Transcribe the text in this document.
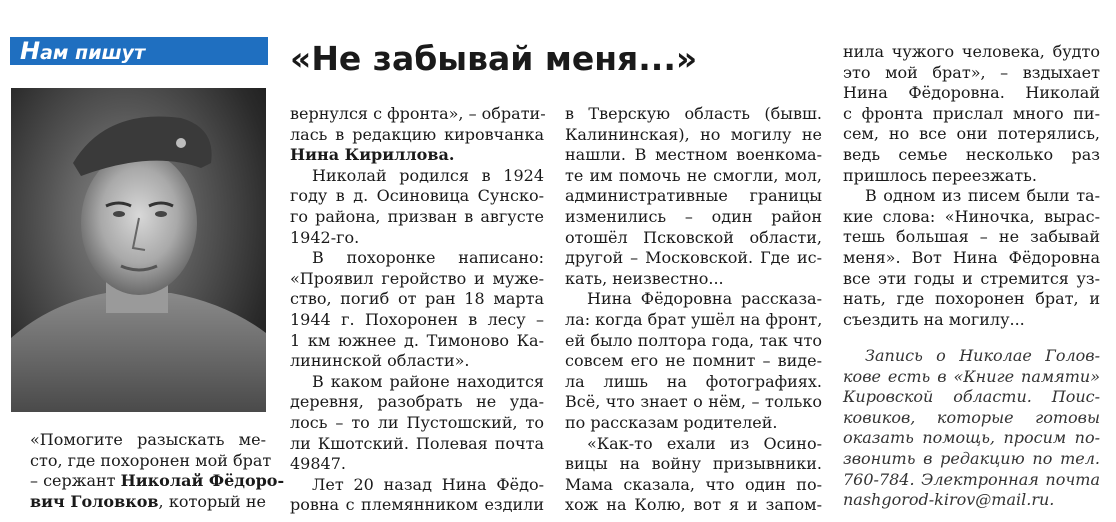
Нам пишут	«Не забывай меня...»

«Помогите разыскать ме-

сто, где похоронен мой брат

– сержант Николай Фёдоро-

вич Головков, который не

вернулся с фронта», – обрати-

лась в редакцию кировчанка

Нина Кириллова.

Николай родился в 1924

году в д. Осиновица Сунско-

го района, призван в августе

1942-го.

В похоронке написано:

«Проявил геройство и муже-

ство, погиб от ран 18 марта

1944 г. Похоронен в лесу –

1 км южнее д. Тимоново Ка-

лининской области».

В каком районе находится

деревня, разобрать не уда-

лось – то ли Пустошский, то

ли Кшотский. Полевая почта

49847.

Лет 20 назад Нина Фёдо-

ровна с племянником ездили

в Тверскую область (бывш.

Калининская), но могилу не

нашли. В местном военкома-

те им помочь не смогли, мол,

административные границы

изменились – один район

отошёл Псковской области,

другой – Московской. Где ис-

кать, неизвестно...

Нина Фёдоровна рассказа-

ла: когда брат ушёл на фронт,

ей было полтора года, так что

совсем его не помнит – виде-

ла лишь на фотографиях.

Всё, что знает о нём, – только

по рассказам родителей.

«Как-то ехали из Осино-

вицы на войну призывники.

Мама сказала, что один по-

хож на Колю, вот я и запом-

нила чужого человека, будто

это мой брат», – вздыхает

Нина Фёдоровна. Николай

с фронта прислал много пи-

сем, но все они потерялись,

ведь семье несколько раз

пришлось переезжать.

В одном из писем были та-

кие слова: «Ниночка, вырас-

тешь большая – не забывай

меня». Вот Нина Фёдоровна

все эти годы и стремится уз-

нать, где похоронен брат, и

съездить на могилу...

Запись о Николае Голов-

кове есть в «Книге памяти»

Кировской области. Поис-

ковиков, которые готовы

оказать помощь, просим по-

звонить в редакцию по тел.

760-784. Электронная почта

nashgorod-kirov@mail.ru.
